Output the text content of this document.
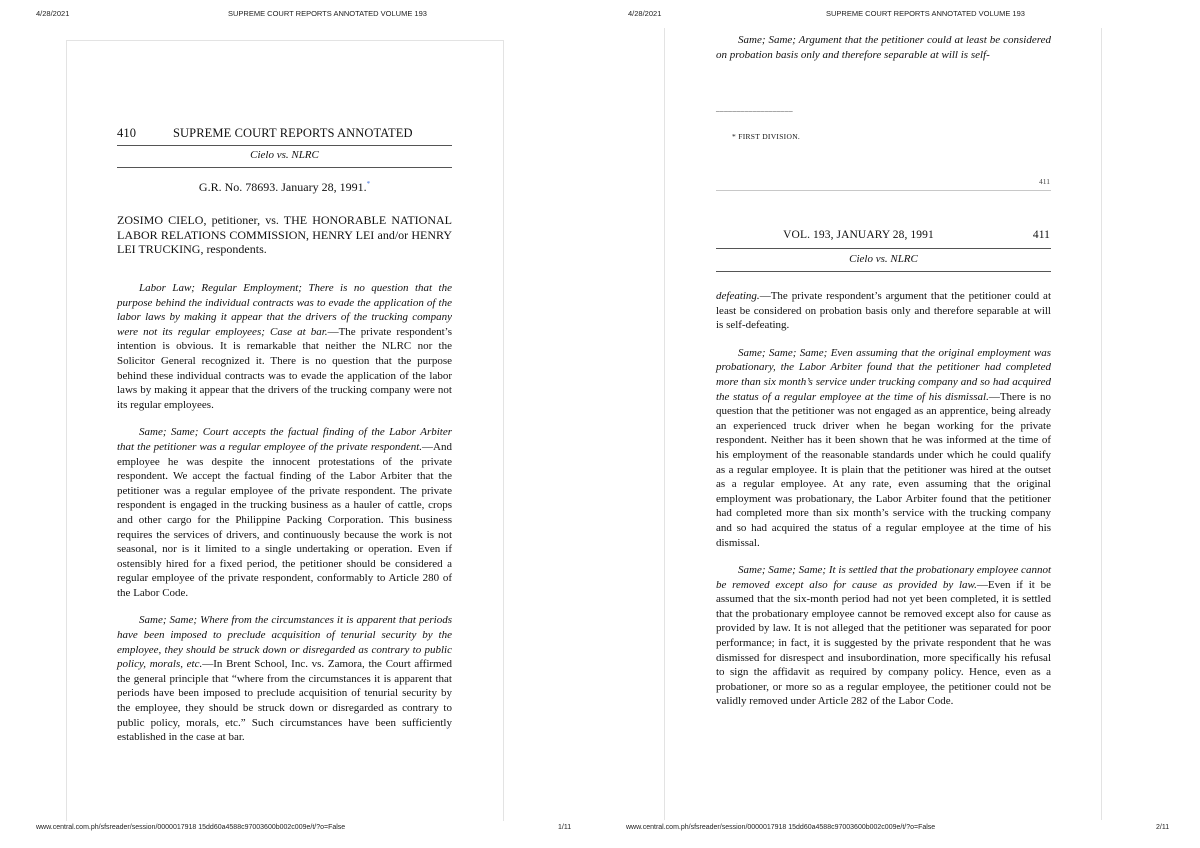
4/28/2021	SUPREME COURT REPORTS ANNOTATED VOLUME 193	4/28/2021	SUPREME COURT REPORTS ANNOTATED VOLUME 193
410	SUPREME COURT REPORTS ANNOTATED
Cielo vs. NLRC
G.R. No. 78693. January 28, 1991.*
ZOSIMO CIELO, petitioner, vs. THE HONORABLE NATIONAL LABOR RELATIONS COMMISSION, HENRY LEI and/or HENRY LEI TRUCKING, respondents.

Labor Law; Regular Employment; There is no question that the purpose behind the individual contracts was to evade the application of the labor laws by making it appear that the drivers of the trucking company were not its regular employees; Case at bar.—The private respondent’s intention is obvious. It is remarkable that neither the NLRC nor the Solicitor General recognized it. There is no question that the purpose behind these individual contracts was to evade the application of the labor laws by making it appear that the drivers of the trucking company were not its regular employees.

Same; Same; Court accepts the factual finding of the Labor Arbiter that the petitioner was a regular employee of the private respondent.—And employee he was despite the innocent protestations of the private respondent. We accept the factual finding of the Labor Arbiter that the petitioner was a regular employee of the private respondent. The private respondent is engaged in the trucking business as a hauler of cattle, crops and other cargo for the Philippine Packing Corporation. This business requires the services of drivers, and continuously because the work is not seasonal, nor is it limited to a single undertaking or operation. Even if ostensibly hired for a fixed period, the petitioner should be considered a regular employee of the private respondent, conformably to Article 280 of the Labor Code.

Same; Same; Where from the circumstances it is apparent that periods have been imposed to preclude acquisition of tenurial security by the employee, they should be struck down or disregarded as contrary to public policy, morals, etc.—In Brent School, Inc. vs. Zamora, the Court affirmed the general principle that “where from the circumstances it is apparent that periods have been imposed to preclude acquisition of tenurial security by the employee, they should be struck down or disregarded as contrary to public policy, morals, etc.” Such circumstances have been sufficiently established in the case at bar.

Same; Same; Argument that the petitioner could at least be considered on probation basis only and therefore separable at will is self-

___________________
* FIRST DIVISION.
411
VOL. 193, JANUARY 28, 1991	411
Cielo vs. NLRC

defeating.—The private respondent’s argument that the petitioner could at least be considered on probation basis only and therefore separable at will is self-defeating.

Same; Same; Same; Even assuming that the original employment was probationary, the Labor Arbiter found that the petitioner had completed more than six month’s service under trucking company and so had acquired the status of a regular employee at the time of his dismissal.—There is no question that the petitioner was not engaged as an apprentice, being already an experienced truck driver when he began working for the private respondent. Neither has it been shown that he was informed at the time of his employment of the reasonable standards under which he could qualify as a regular employee. It is plain that the petitioner was hired at the outset as a regular employee. At any rate, even assuming that the original employment was probationary, the Labor Arbiter found that the petitioner had completed more than six month’s service with the trucking company and so had acquired the status of a regular employee at the time of his dismissal.

Same; Same; Same; It is settled that the probationary employee cannot be removed except also for cause as provided by law.—Even if it be assumed that the six-month period had not yet been completed, it is settled that the probationary employee cannot be removed except also for cause as provided by law. It is not alleged that the petitioner was separated for poor performance; in fact, it is suggested by the private respondent that he was dismissed for disrespect and insubordination, more specifically his refusal to sign the affidavit as required by company policy. Hence, even as a probationer, or more so as a regular employee, the petitioner could not be validly removed under Article 282 of the Labor Code.

www.central.com.ph/sfsreader/session/0000017918 15dd60a4588c97003600b002c009e/t/?o=False	1/11	www.central.com.ph/sfsreader/session/0000017918 15dd60a4588c97003600b002c009e/t/?o=False	2/11
